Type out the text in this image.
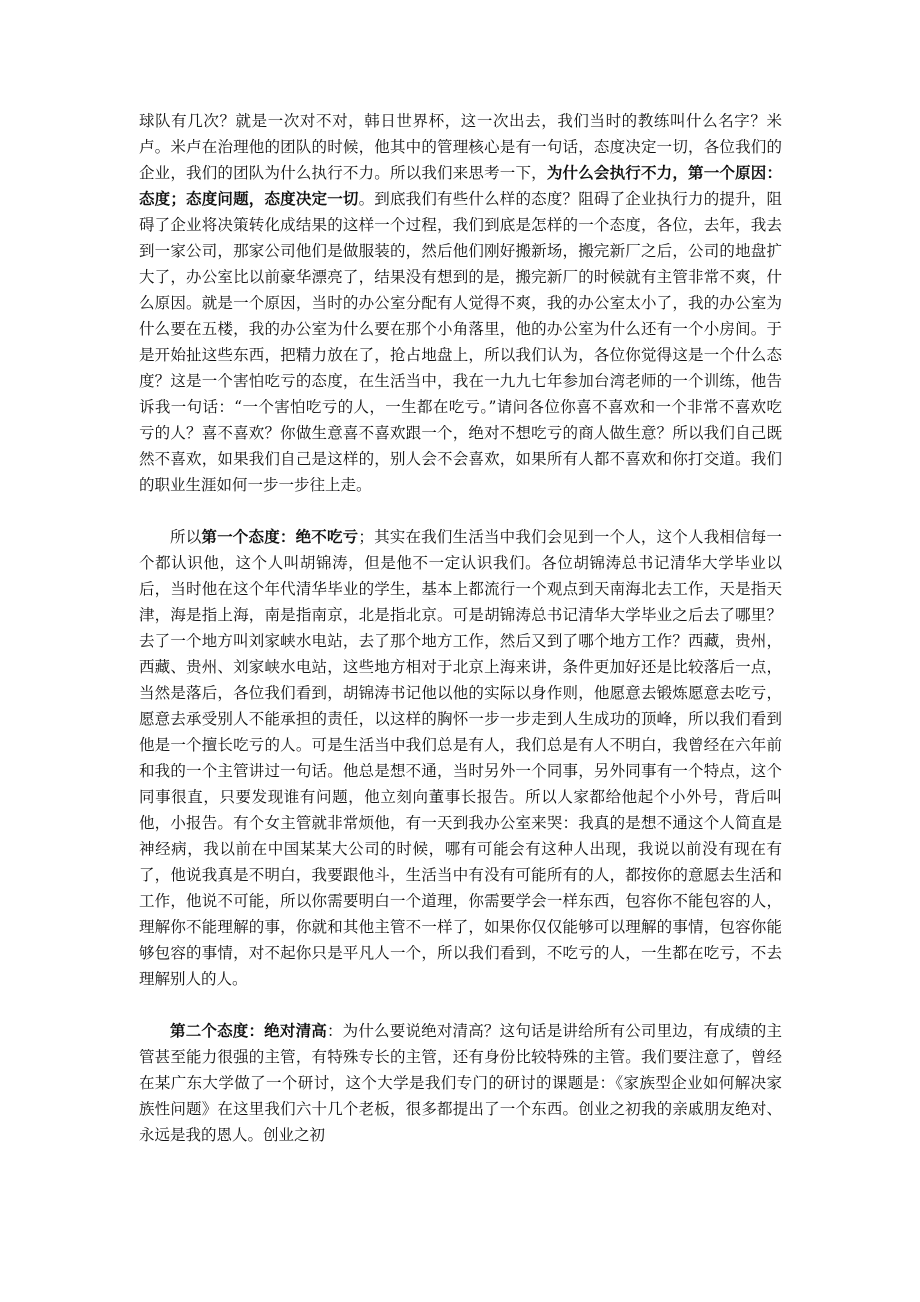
球队有几次？就是一次对不对，韩日世界杯，这一次出去，我们当时的教练叫什么名字？米卢。米卢在治理他的团队的时候，他其中的管理核心是有一句话，态度决定一切，各位我们的企业，我们的团队为什么执行不力。所以我们来思考一下，为什么会执行不力，第一个原因：态度；态度问题，态度决定一切。到底我们有些什么样的态度？阻碍了企业执行力的提升，阻碍了企业将决策转化成结果的这样一个过程，我们到底是怎样的一个态度，各位，去年，我去到一家公司，那家公司他们是做服装的，然后他们刚好搬新场，搬完新厂之后，公司的地盘扩大了，办公室比以前豪华漂亮了，结果没有想到的是，搬完新厂的时候就有主管非常不爽，什么原因。就是一个原因，当时的办公室分配有人觉得不爽，我的办公室太小了，我的办公室为什么要在五楼，我的办公室为什么要在那个小角落里，他的办公室为什么还有一个小房间。于是开始扯这些东西，把精力放在了，抢占地盘上，所以我们认为，各位你觉得这是一个什么态度？这是一个害怕吃亏的态度，在生活当中，我在一九九七年参加台湾老师的一个训练，他告诉我一句话：“一个害怕吃亏的人，一生都在吃亏。”请问各位你喜不喜欢和一个非常不喜欢吃亏的人？喜不喜欢？你做生意喜不喜欢跟一个，绝对不想吃亏的商人做生意？所以我们自己既然不喜欢，如果我们自己是这样的，别人会不会喜欢，如果所有人都不喜欢和你打交道。我们的职业生涯如何一步一步往上走。

所以第一个态度：绝不吃亏；其实在我们生活当中我们会见到一个人，这个人我相信每一个都认识他，这个人叫胡锦涛，但是他不一定认识我们。各位胡锦涛总书记清华大学毕业以后，当时他在这个年代清华毕业的学生，基本上都流行一个观点到天南海北去工作，天是指天津，海是指上海，南是指南京，北是指北京。可是胡锦涛总书记清华大学毕业之后去了哪里？去了一个地方叫刘家峡水电站，去了那个地方工作，然后又到了哪个地方工作？西藏，贵州，西藏、贵州、刘家峡水电站，这些地方相对于北京上海来讲，条件更加好还是比较落后一点，当然是落后，各位我们看到，胡锦涛书记他以他的实际以身作则，他愿意去锻炼愿意去吃亏，愿意去承受别人不能承担的责任，以这样的胸怀一步一步走到人生成功的顶峰，所以我们看到他是一个擅长吃亏的人。可是生活当中我们总是有人，我们总是有人不明白，我曾经在六年前和我的一个主管讲过一句话。他总是想不通，当时另外一个同事，另外同事有一个特点，这个同事很直，只要发现谁有问题，他立刻向董事长报告。所以人家都给他起个小外号，背后叫他，小报告。有个女主管就非常烦他，有一天到我办公室来哭：我真的是想不通这个人简直是神经病，我以前在中国某某大公司的时候，哪有可能会有这种人出现，我说以前没有现在有了，他说我真是不明白，我要跟他斗，生活当中有没有可能所有的人，都按你的意愿去生活和工作，他说不可能，所以你需要明白一个道理，你需要学会一样东西，包容你不能包容的人，理解你不能理解的事，你就和其他主管不一样了，如果你仅仅能够可以理解的事情，包容你能够包容的事情，对不起你只是平凡人一个，所以我们看到，不吃亏的人，一生都在吃亏，不去理解别人的人。

第二个态度：绝对清高：为什么要说绝对清高？这句话是讲给所有公司里边，有成绩的主管甚至能力很强的主管，有特殊专长的主管，还有身份比较特殊的主管。我们要注意了，曾经在某广东大学做了一个研讨，这个大学是我们专门的研讨的课题是：《家族型企业如何解决家族性问题》在这里我们六十几个老板，很多都提出了一个东西。创业之初我的亲戚朋友绝对、永远是我的恩人。创业之初
